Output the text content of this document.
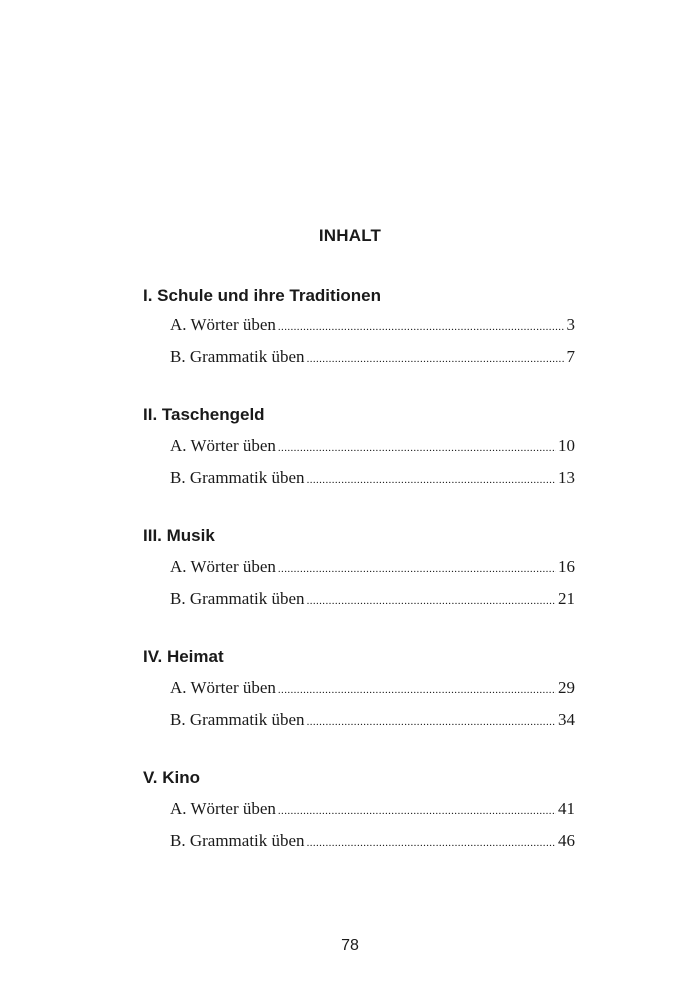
INHALT
I. Schule und ihre Traditionen
A. Wörter üben .....	3
B. Grammatik üben .....	7
II. Taschengeld
A. Wörter üben .....	10
B. Grammatik üben .....	13
III. Musik
A. Wörter üben .....	16
B. Grammatik üben .....	21
IV. Heimat
A. Wörter üben .....	29
B. Grammatik üben .....	34
V. Kino
A. Wörter üben .....	41
B. Grammatik üben .....	46

78
